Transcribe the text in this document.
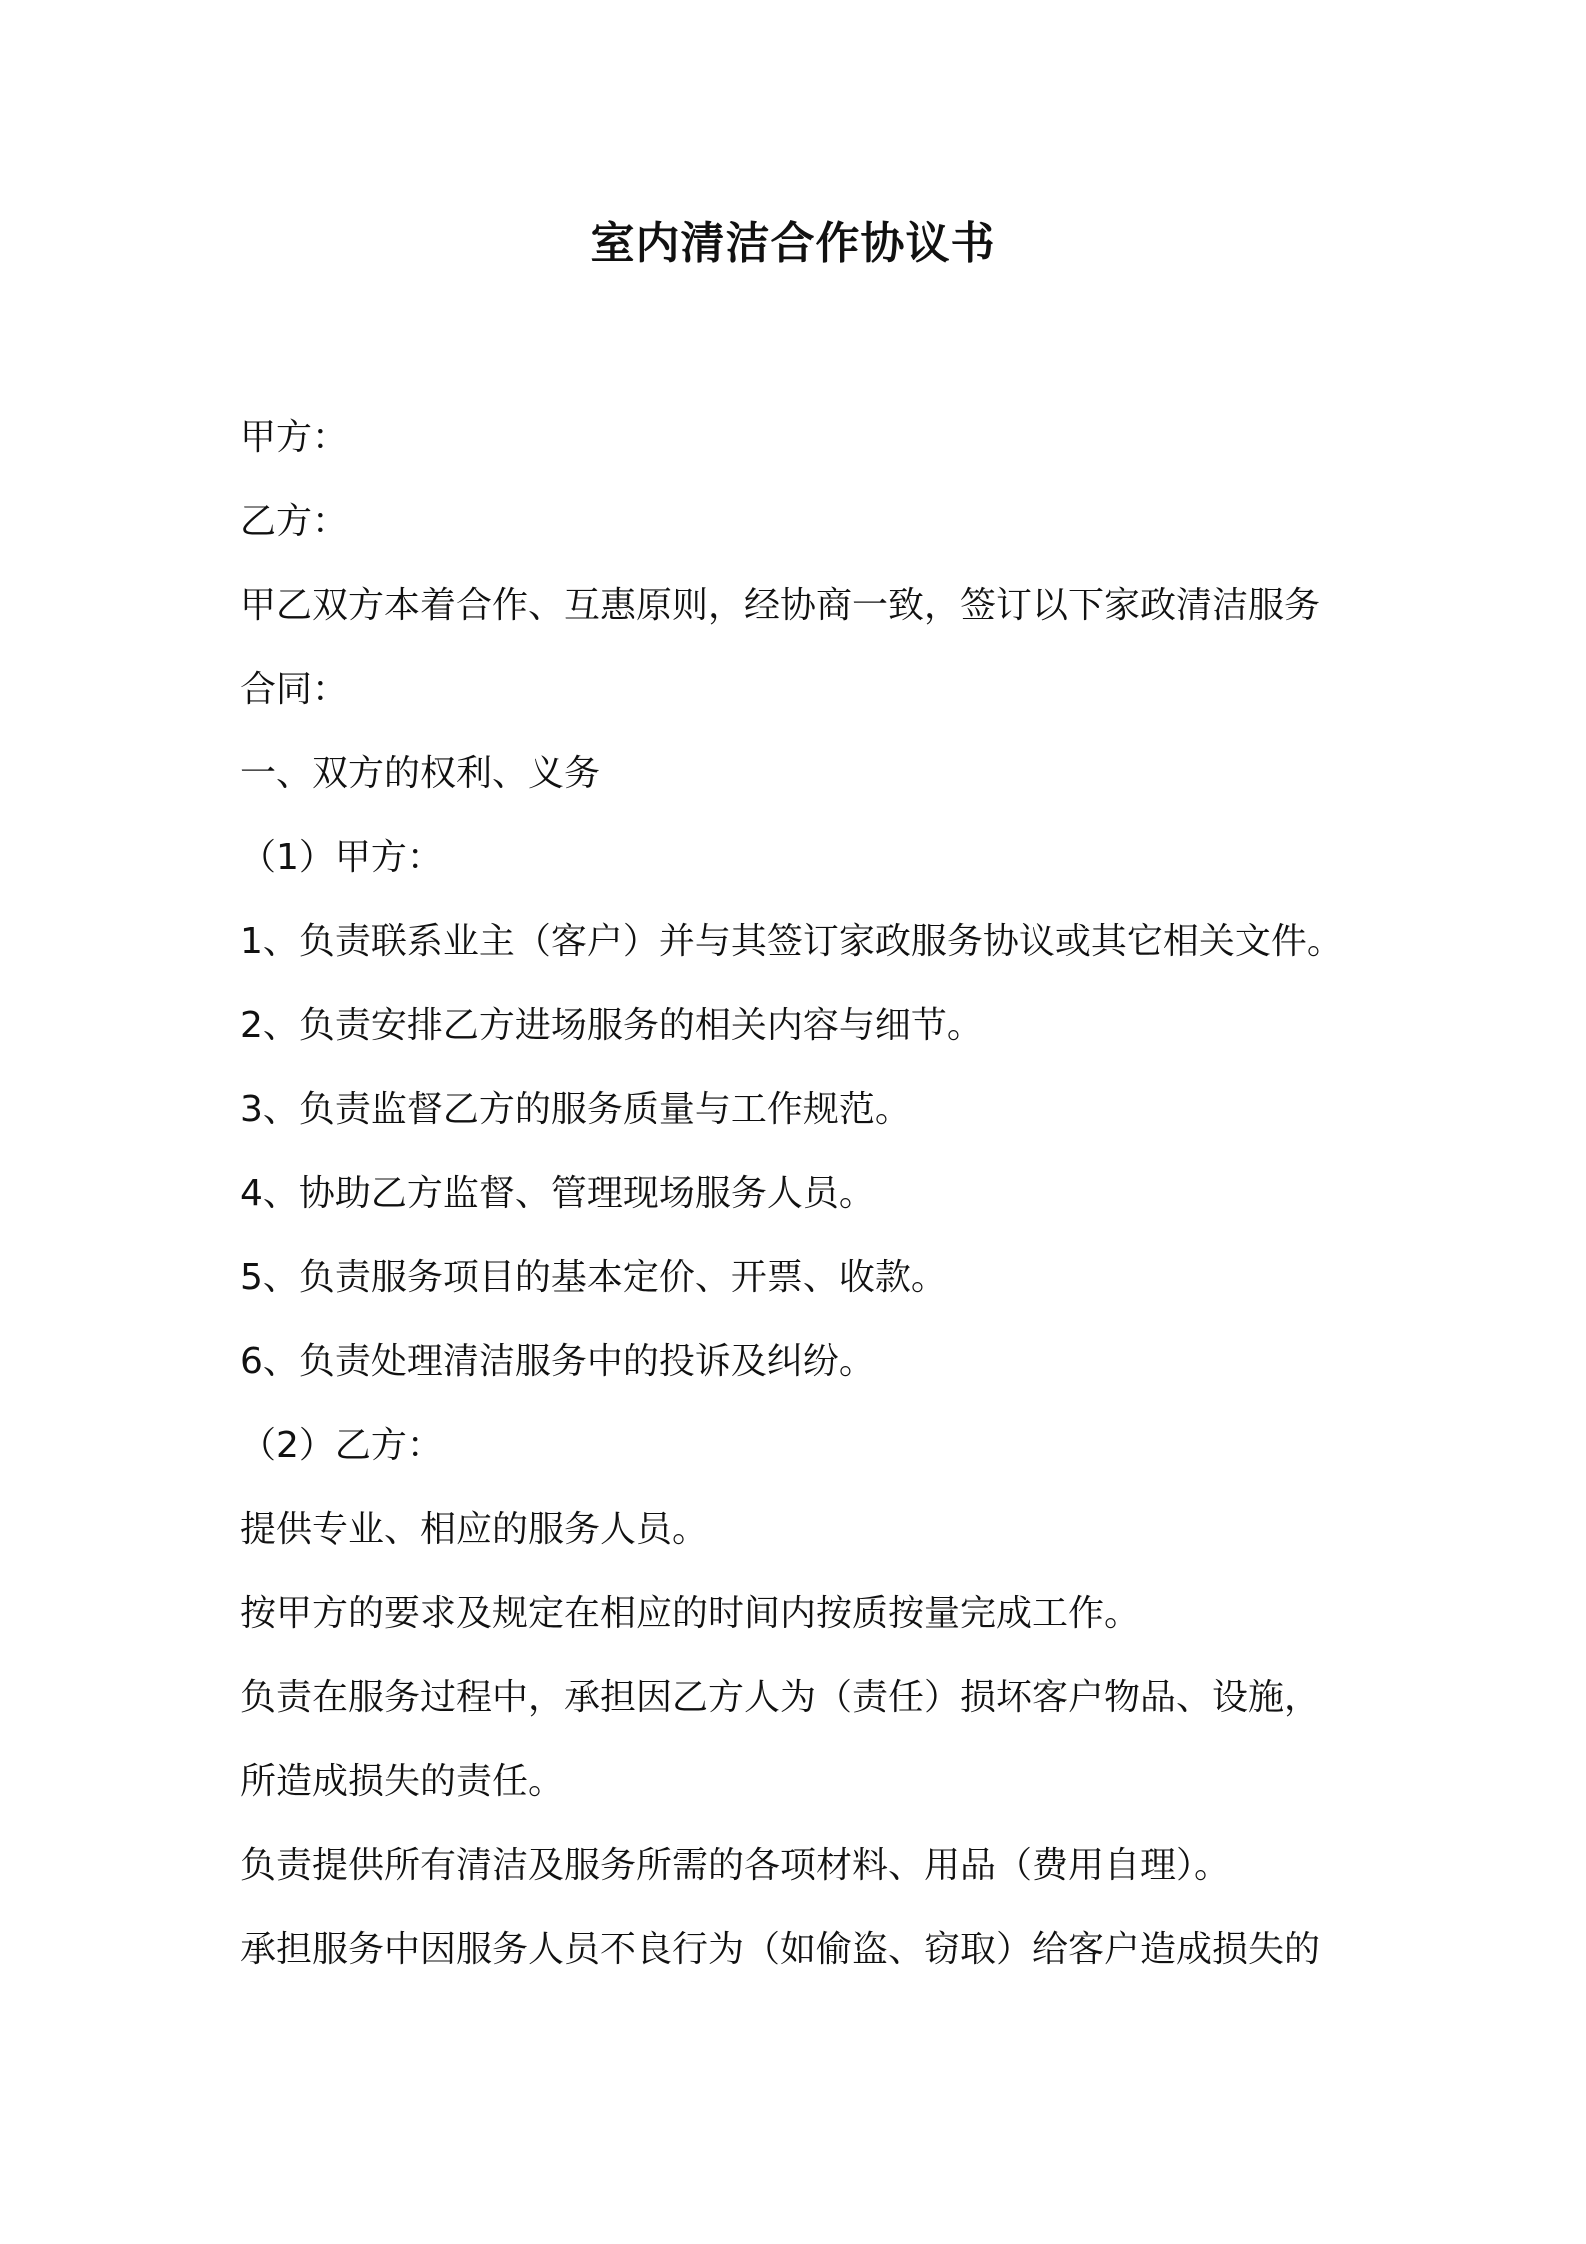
室内清洁合作协议书
甲方：
乙方：
甲乙双方本着合作、互惠原则，经协商一致，签订以下家政清洁服务
合同：
一、双方的权利、义务
（1）甲方：
1、负责联系业主（客户）并与其签订家政服务协议或其它相关文件。
2、负责安排乙方进场服务的相关内容与细节。
3、负责监督乙方的服务质量与工作规范。
4、协助乙方监督、管理现场服务人员。
5、负责服务项目的基本定价、开票、收款。
6、负责处理清洁服务中的投诉及纠纷。
（2）乙方：
提供专业、相应的服务人员。
按甲方的要求及规定在相应的时间内按质按量完成工作。
负责在服务过程中，承担因乙方人为（责任）损坏客户物品、设施，
所造成损失的责任。
负责提供所有清洁及服务所需的各项材料、用品（费用自理）。
承担服务中因服务人员不良行为（如偷盗、窃取）给客户造成损失的
